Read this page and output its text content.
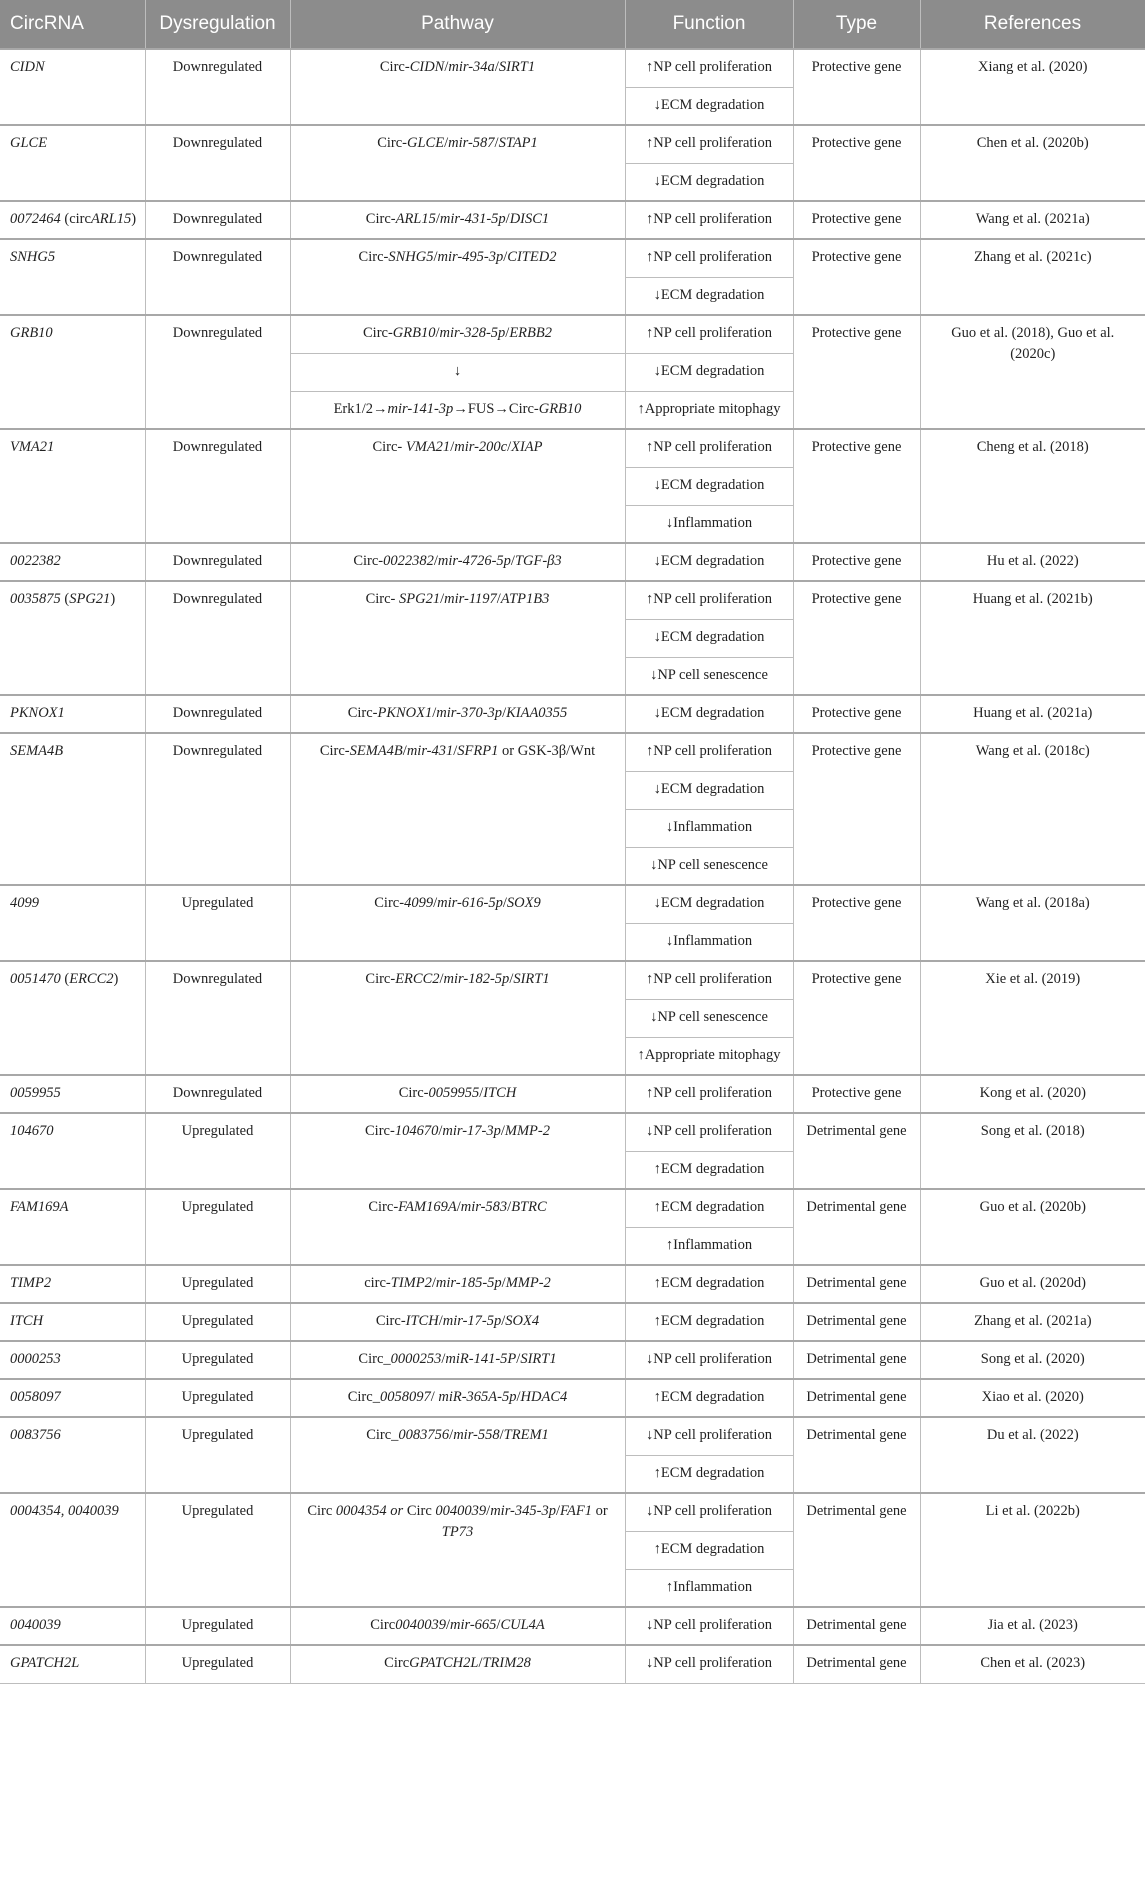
CircRNA	Dysregulation	Pathway	Function	Type	References
CIDN	Downregulated	Circ-CIDN/mir-34a/SIRT1	↑NP cell proliferation	Protective gene	Xiang et al. (2020)
			↓ECM degradation		
GLCE	Downregulated	Circ-GLCE/mir-587/STAP1	↑NP cell proliferation	Protective gene	Chen et al. (2020b)
			↓ECM degradation		
0072464 (circARL15)	Downregulated	Circ-ARL15/mir-431-5p/DISC1	↑NP cell proliferation	Protective gene	Wang et al. (2021a)
SNHG5	Downregulated	Circ-SNHG5/mir-495-3p/CITED2	↑NP cell proliferation	Protective gene	Zhang et al. (2021c)
			↓ECM degradation		
GRB10	Downregulated	Circ-GRB10/mir-328-5p/ERBB2	↑NP cell proliferation	Protective gene	Guo et al. (2018), Guo et al. (2020c)
		↓	↓ECM degradation		
		Erk1/2→mir-141-3p→FUS→Circ-GRB10	↑Appropriate mitophagy		
VMA21	Downregulated	Circ- VMA21/mir-200c/XIAP	↑NP cell proliferation	Protective gene	Cheng et al. (2018)
			↓ECM degradation		
			↓Inflammation		
0022382	Downregulated	Circ-0022382/mir-4726-5p/TGF-β3	↓ECM degradation	Protective gene	Hu et al. (2022)
0035875 (SPG21)	Downregulated	Circ- SPG21/mir-1197/ATP1B3	↑NP cell proliferation	Protective gene	Huang et al. (2021b)
			↓ECM degradation		
			↓NP cell senescence		
PKNOX1	Downregulated	Circ-PKNOX1/mir-370-3p/KIAA0355	↓ECM degradation	Protective gene	Huang et al. (2021a)
SEMA4B	Downregulated	Circ-SEMA4B/mir-431/SFRP1 or GSK-3β/Wnt	↑NP cell proliferation	Protective gene	Wang et al. (2018c)
			↓ECM degradation		
			↓Inflammation		
			↓NP cell senescence		
4099	Upregulated	Circ-4099/mir-616-5p/SOX9	↓ECM degradation	Protective gene	Wang et al. (2018a)
			↓Inflammation		
0051470 (ERCC2)	Downregulated	Circ-ERCC2/mir-182-5p/SIRT1	↑NP cell proliferation	Protective gene	Xie et al. (2019)
			↓NP cell senescence		
			↑Appropriate mitophagy		
0059955	Downregulated	Circ-0059955/ITCH	↑NP cell proliferation	Protective gene	Kong et al. (2020)
104670	Upregulated	Circ-104670/mir-17-3p/MMP-2	↓NP cell proliferation	Detrimental gene	Song et al. (2018)
			↑ECM degradation		
FAM169A	Upregulated	Circ-FAM169A/mir-583/BTRC	↑ECM degradation	Detrimental gene	Guo et al. (2020b)
			↑Inflammation		
TIMP2	Upregulated	circ-TIMP2/mir-185-5p/MMP-2	↑ECM degradation	Detrimental gene	Guo et al. (2020d)
ITCH	Upregulated	Circ-ITCH/mir-17-5p/SOX4	↑ECM degradation	Detrimental gene	Zhang et al. (2021a)
0000253	Upregulated	Circ_0000253/miR-141-5P/SIRT1	↓NP cell proliferation	Detrimental gene	Song et al. (2020)
0058097	Upregulated	Circ_0058097/ miR-365A-5p/HDAC4	↑ECM degradation	Detrimental gene	Xiao et al. (2020)
0083756	Upregulated	Circ_0083756/mir-558/TREM1	↓NP cell proliferation	Detrimental gene	Du et al. (2022)
			↑ECM degradation		
0004354, 0040039	Upregulated	Circ 0004354 or Circ 0040039/mir-345-3p/FAF1 or TP73	↓NP cell proliferation	Detrimental gene	Li et al. (2022b)
			↑ECM degradation		
			↑Inflammation		
0040039	Upregulated	Circ0040039/mir-665/CUL4A	↓NP cell proliferation	Detrimental gene	Jia et al. (2023)
GPATCH2L	Upregulated	CircGPATCH2L/TRIM28	↓NP cell proliferation	Detrimental gene	Chen et al. (2023)
